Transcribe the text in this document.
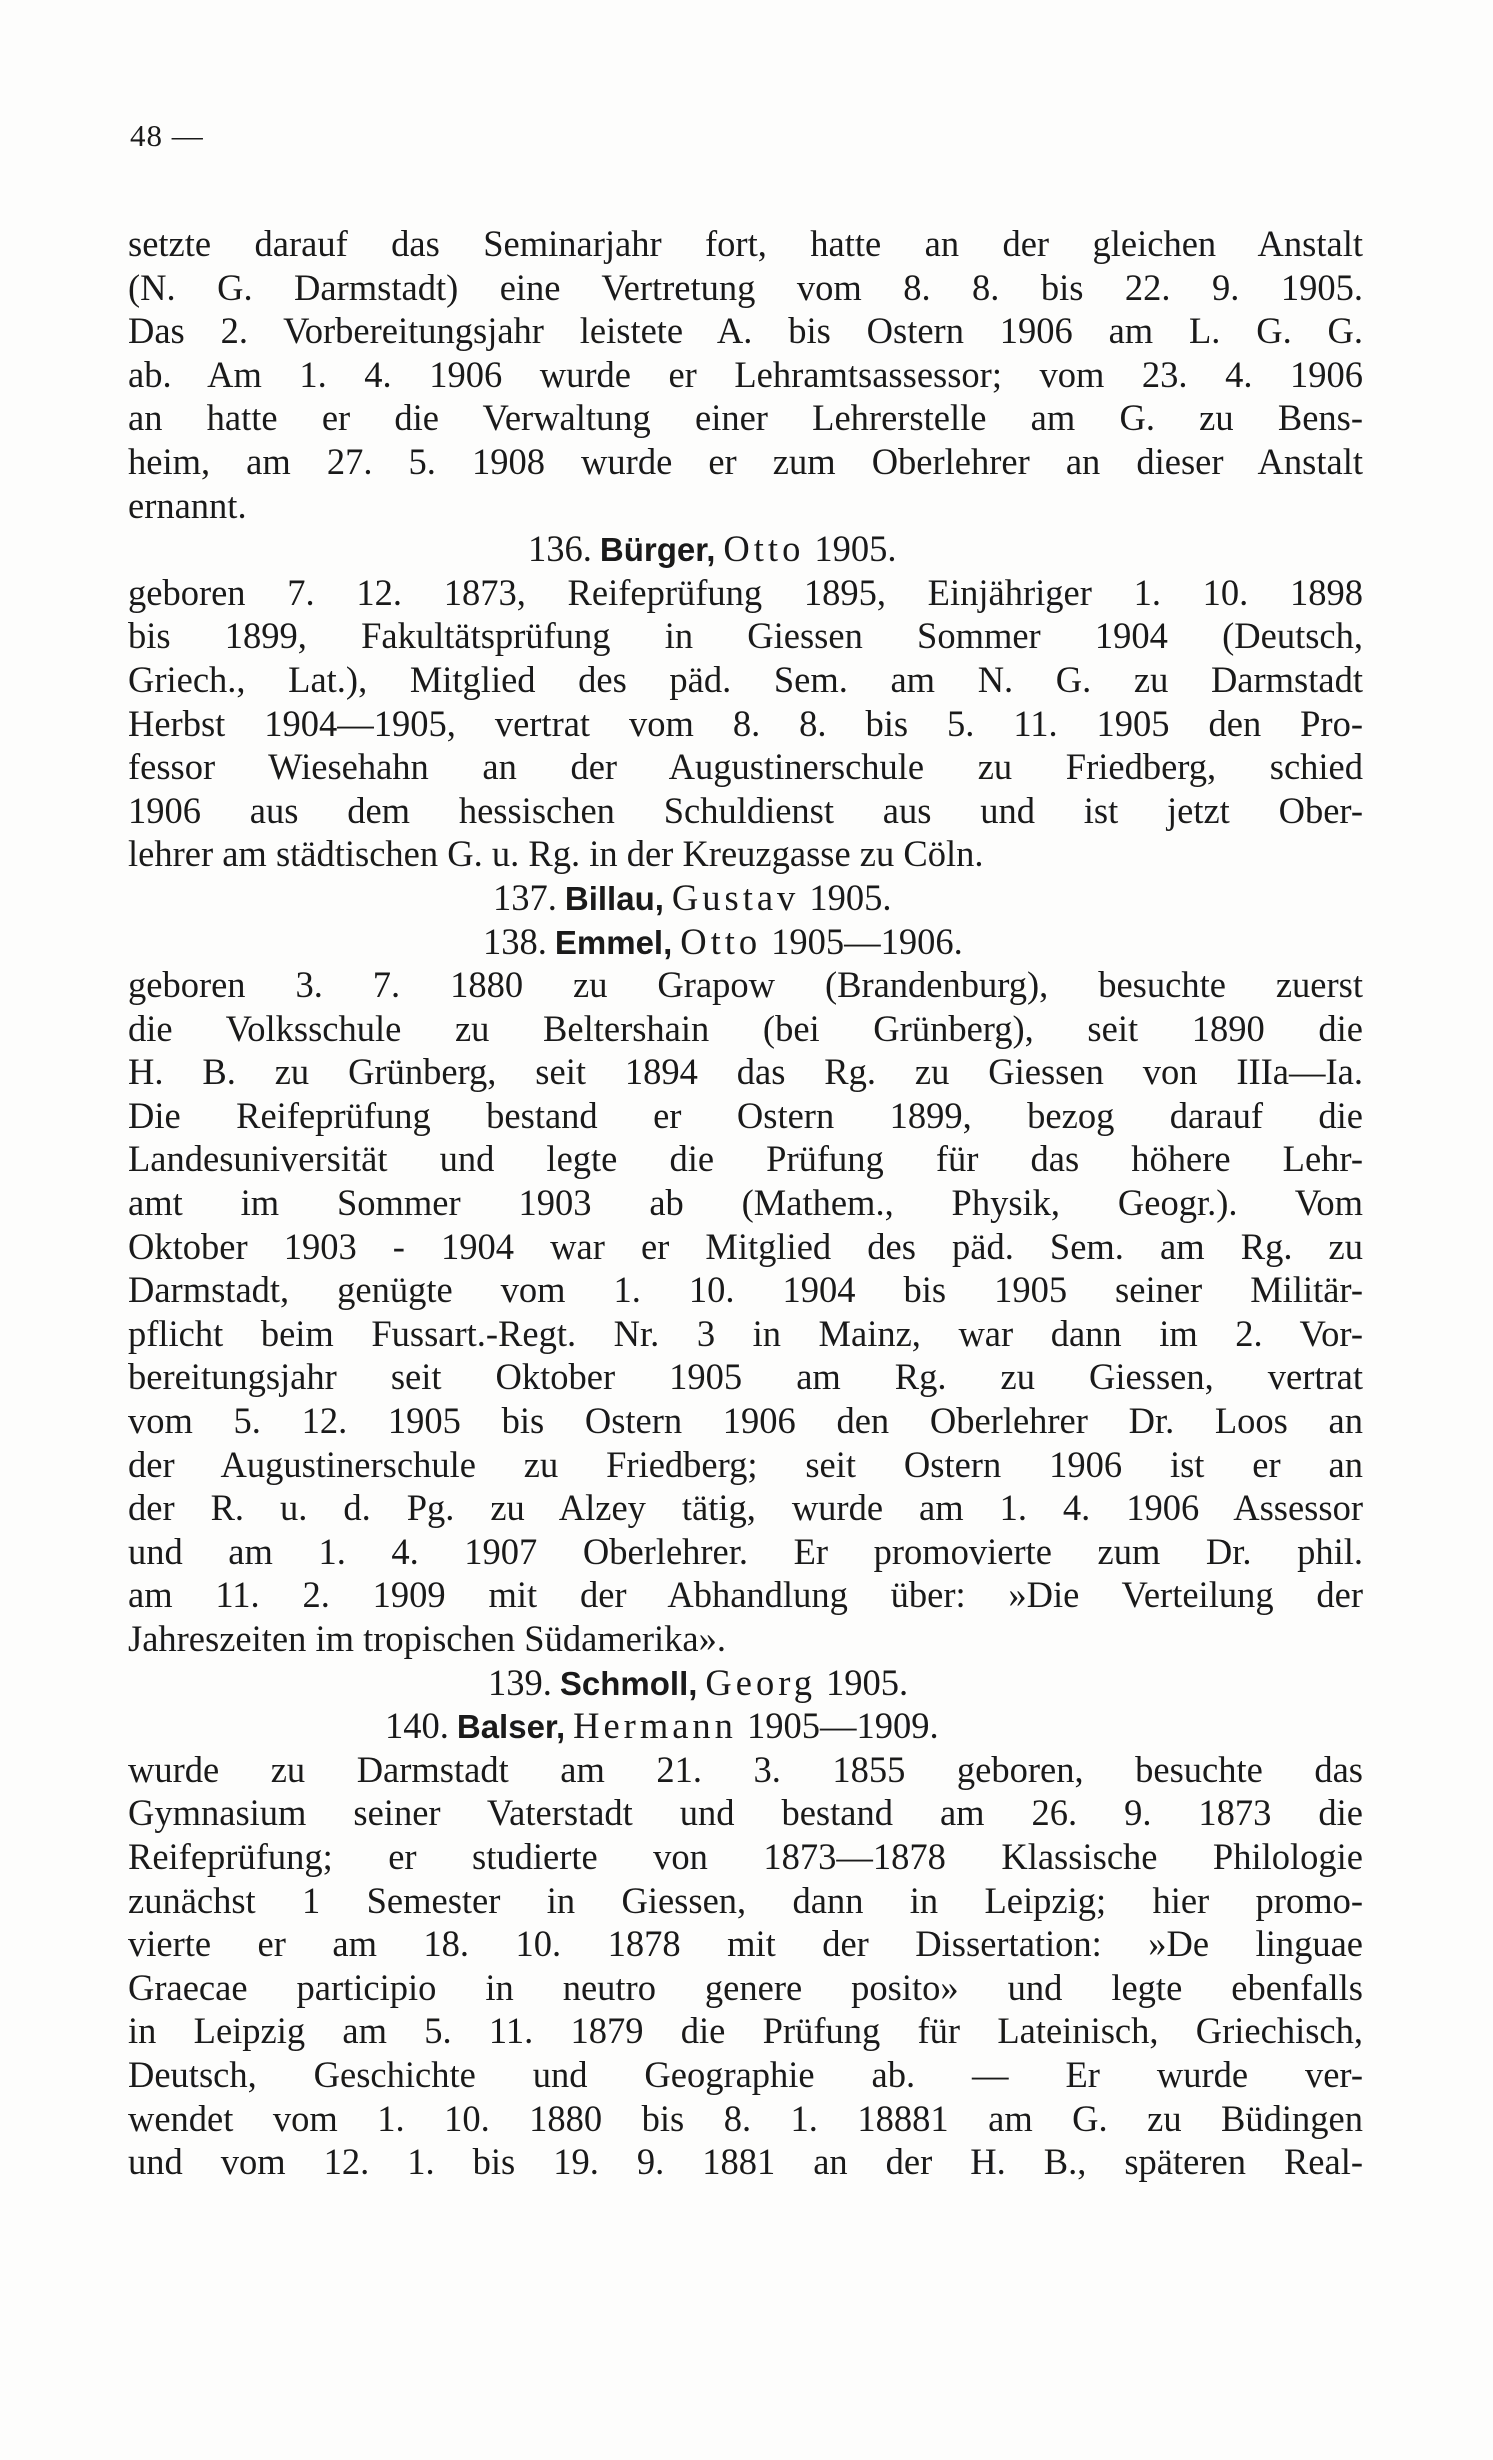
48 —
setzte darauf das Seminarjahr fort, hatte an der gleichen Anstalt
(N. G. Darmstadt) eine Vertretung vom 8. 8. bis 22. 9. 1905.
Das 2. Vorbereitungsjahr leistete A. bis Ostern 1906 am L. G. G.
ab. Am 1. 4. 1906 wurde er Lehramtsassessor; vom 23. 4. 1906
an hatte er die Verwaltung einer Lehrerstelle am G. zu Bens-
heim, am 27. 5. 1908 wurde er zum Oberlehrer an dieser Anstalt
ernannt.
136. Bürger, Otto 1905.
geboren 7. 12. 1873, Reifeprüfung 1895, Einjähriger 1. 10. 1898
bis 1899, Fakultätsprüfung in Giessen Sommer 1904 (Deutsch,
Griech., Lat.), Mitglied des päd. Sem. am N. G. zu Darmstadt
Herbst 1904—1905, vertrat vom 8. 8. bis 5. 11. 1905 den Pro-
fessor Wiesehahn an der Augustinerschule zu Friedberg, schied
1906 aus dem hessischen Schuldienst aus und ist jetzt Ober-
lehrer am städtischen G. u. Rg. in der Kreuzgasse zu Cöln.
137. Billau, Gustav 1905.
138. Emmel, Otto 1905—1906.
geboren 3. 7. 1880 zu Grapow (Brandenburg), besuchte zuerst
die Volksschule zu Beltershain (bei Grünberg), seit 1890 die
H. B. zu Grünberg, seit 1894 das Rg. zu Giessen von IIIa—Ia.
Die Reifeprüfung bestand er Ostern 1899, bezog darauf die
Landesuniversität und legte die Prüfung für das höhere Lehr-
amt im Sommer 1903 ab (Mathem., Physik, Geogr.). Vom
Oktober 1903 - 1904 war er Mitglied des päd. Sem. am Rg. zu
Darmstadt, genügte vom 1. 10. 1904 bis 1905 seiner Militär-
pflicht beim Fussart.-Regt. Nr. 3 in Mainz, war dann im 2. Vor-
bereitungsjahr seit Oktober 1905 am Rg. zu Giessen, vertrat
vom 5. 12. 1905 bis Ostern 1906 den Oberlehrer Dr. Loos an
der Augustinerschule zu Friedberg; seit Ostern 1906 ist er an
der R. u. d. Pg. zu Alzey tätig, wurde am 1. 4. 1906 Assessor
und am 1. 4. 1907 Oberlehrer. Er promovierte zum Dr. phil.
am 11. 2. 1909 mit der Abhandlung über: »Die Verteilung der
Jahreszeiten im tropischen Südamerika».
139. Schmoll, Georg 1905.
140. Balser, Hermann 1905—1909.
wurde zu Darmstadt am 21. 3. 1855 geboren, besuchte das
Gymnasium seiner Vaterstadt und bestand am 26. 9. 1873 die
Reifeprüfung; er studierte von 1873—1878 Klassische Philologie
zunächst 1 Semester in Giessen, dann in Leipzig; hier promo-
vierte er am 18. 10. 1878 mit der Dissertation: »De linguae
Graecae participio in neutro genere posito» und legte ebenfalls
in Leipzig am 5. 11. 1879 die Prüfung für Lateinisch, Griechisch,
Deutsch, Geschichte und Geographie ab. — Er wurde ver-
wendet vom 1. 10. 1880 bis 8. 1. 18881 am G. zu Büdingen
und vom 12. 1. bis 19. 9. 1881 an der H. B., späteren Real-
